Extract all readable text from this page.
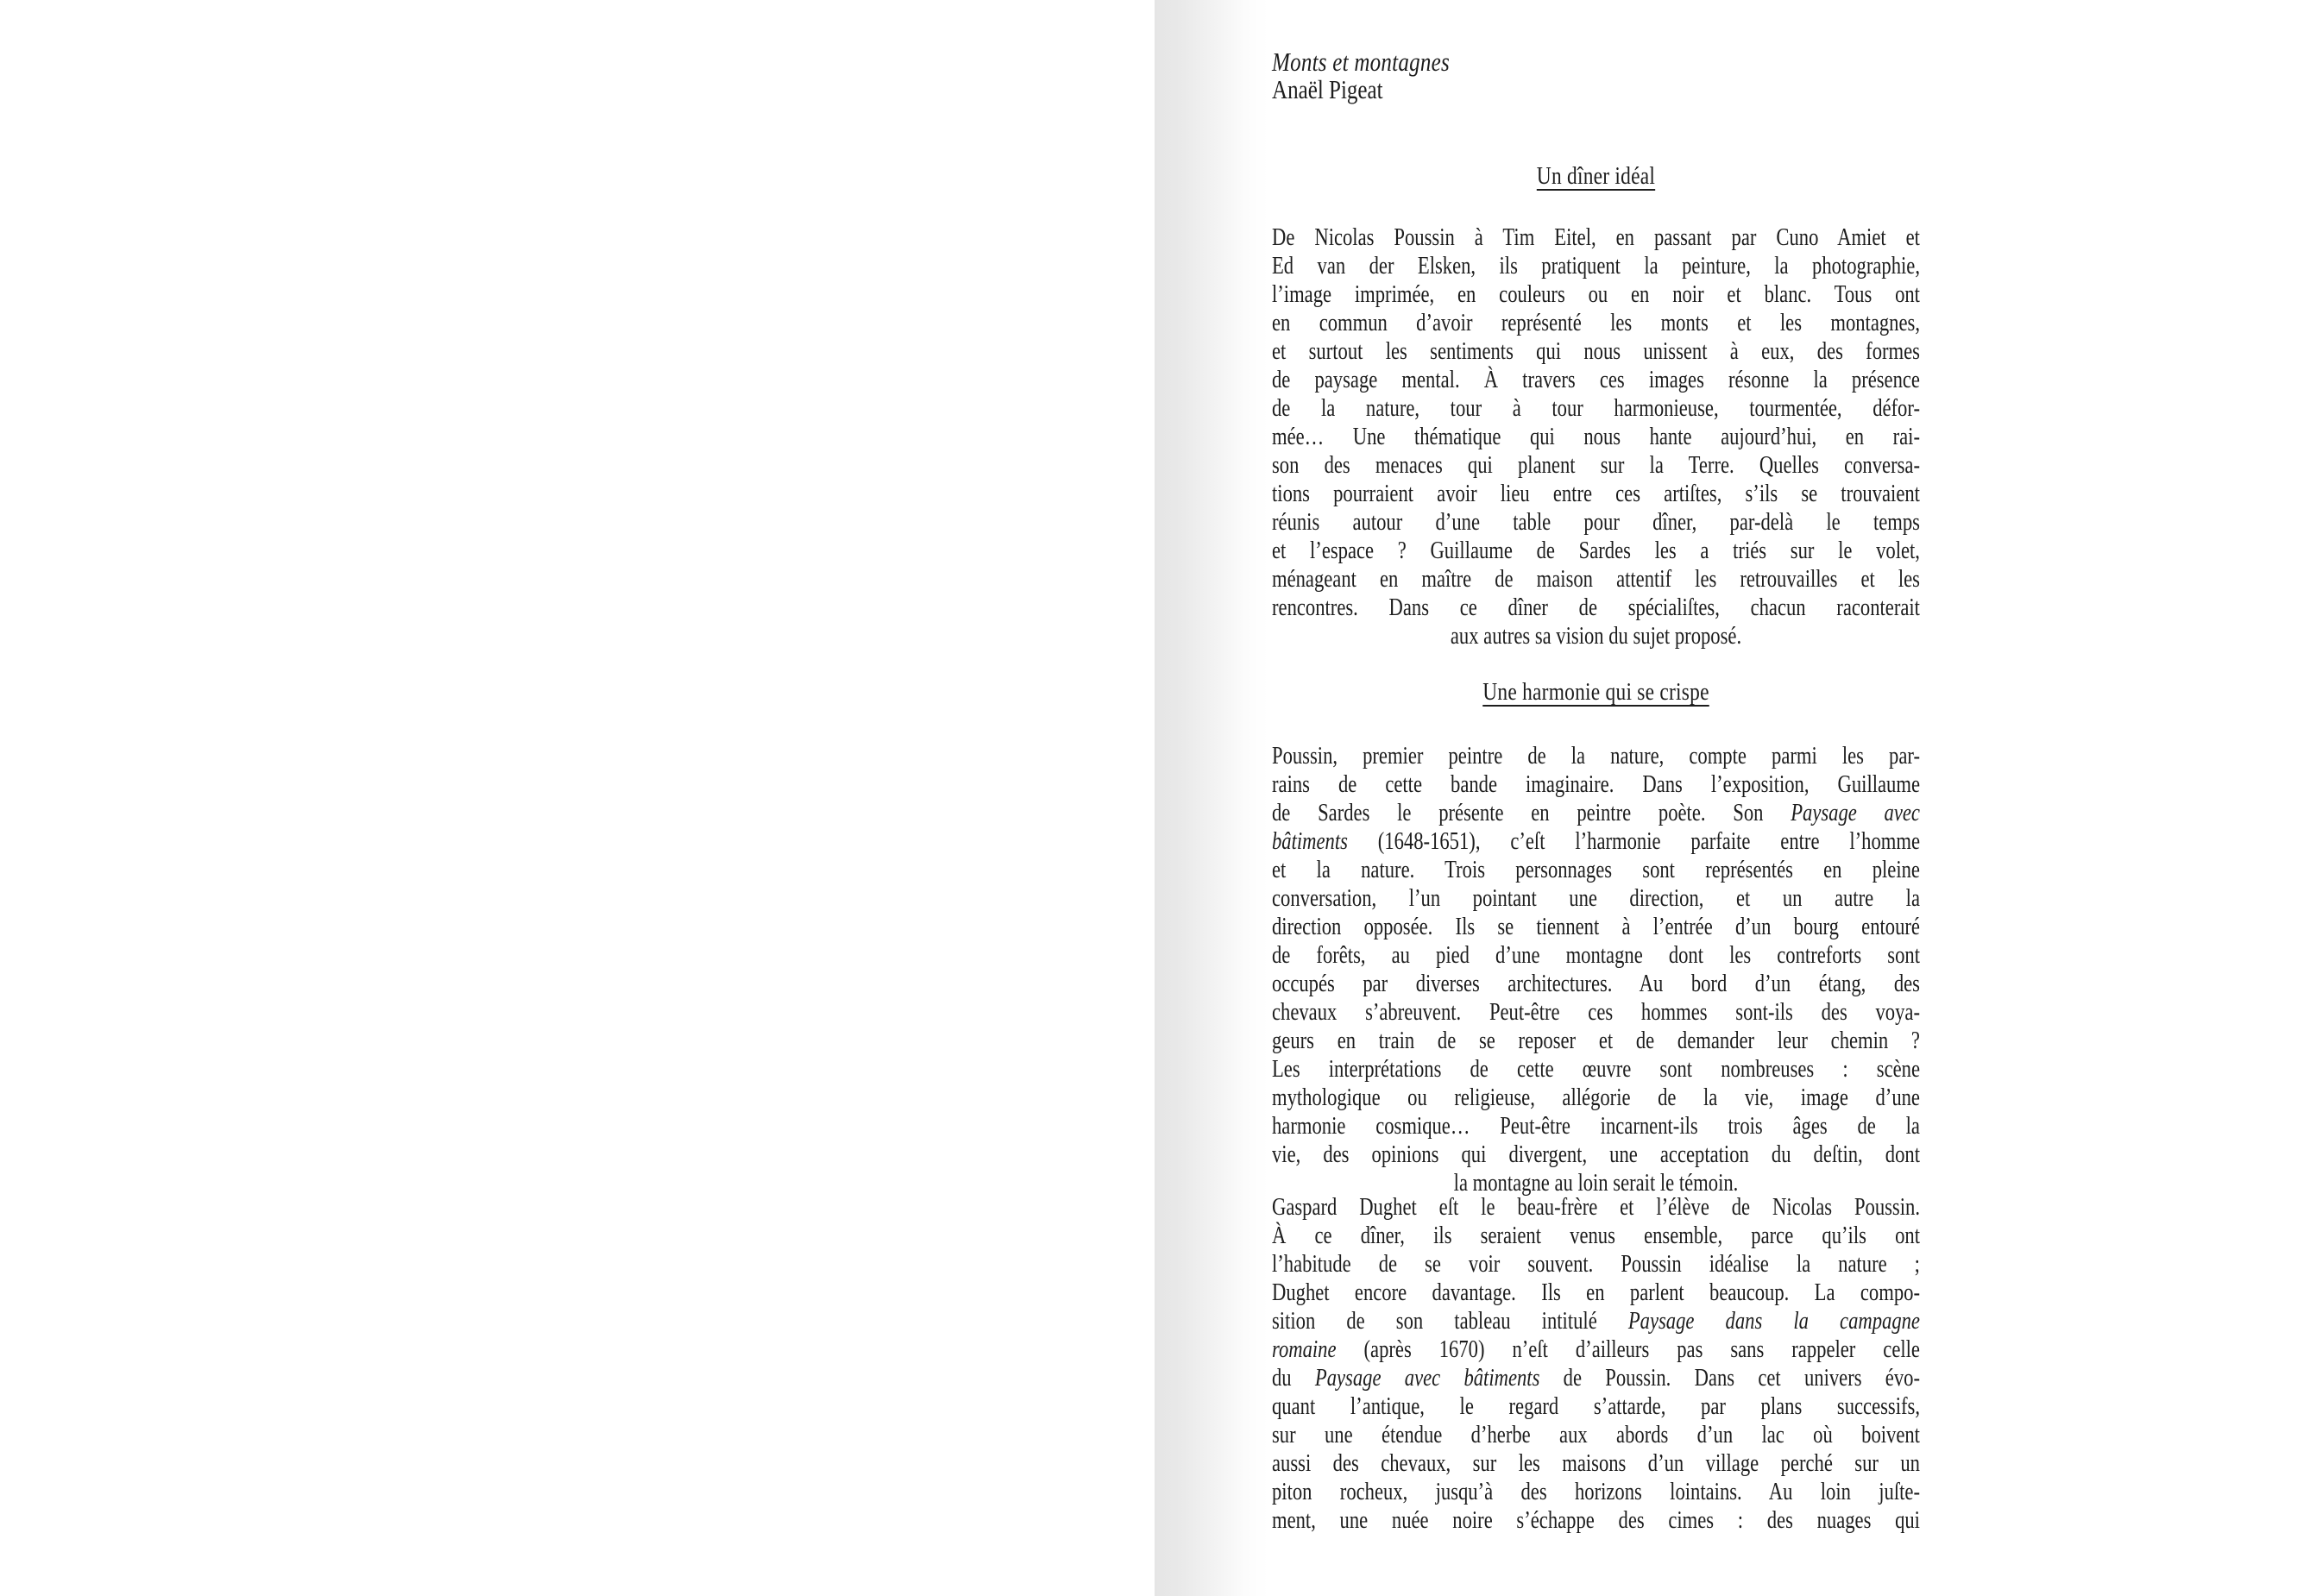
Monts et montagnes
Anaël Pigeat
Un dîner idéal
De Nicolas Poussin à Tim Eitel, en passant par Cuno Amiet et
Ed van der Elsken, ils pratiquent la peinture, la photographie,
l’image imprimée, en couleurs ou en noir et blanc. Tous ont
en commun d’avoir représenté les monts et les montagnes,
et surtout les sentiments qui nous unissent à eux, des formes
de paysage mental. À travers ces images résonne la présence
de la nature, tour à tour harmonieuse, tourmentée, défor-
mée… Une thématique qui nous hante aujourd’hui, en rai-
son des menaces qui planent sur la Terre. Quelles conversa-
tions pourraient avoir lieu entre ces artiſtes, s’ils se trouvaient
réunis autour d’une table pour dîner, par-delà le temps
et l’espace ? Guillaume de Sardes les a triés sur le volet,
ménageant en maître de maison attentif les retrouvailles et les
rencontres. Dans ce dîner de spécialiſtes, chacun raconterait
aux autres sa vision du sujet proposé.
Une harmonie qui se crispe
Poussin, premier peintre de la nature, compte parmi les par-
rains de cette bande imaginaire. Dans l’exposition, Guillaume
de Sardes le présente en peintre poète. Son Paysage avec
bâtiments (1648-1651), c’eſt l’harmonie parfaite entre l’homme
et la nature. Trois personnages sont représentés en pleine
conversation, l’un pointant une direction, et un autre la
direction opposée. Ils se tiennent à l’entrée d’un bourg entouré
de forêts, au pied d’une montagne dont les contreforts sont
occupés par diverses architectures. Au bord d’un étang, des
chevaux s’abreuvent. Peut-être ces hommes sont-ils des voya-
geurs en train de se reposer et de demander leur chemin ?
Les interprétations de cette œuvre sont nombreuses : scène
mythologique ou religieuse, allégorie de la vie, image d’une
harmonie cosmique… Peut-être incarnent-ils trois âges de la
vie, des opinions qui divergent, une acceptation du deſtin, dont
la montagne au loin serait le témoin.
Gaspard Dughet eſt le beau-frère et l’élève de Nicolas Poussin.
À ce dîner, ils seraient venus ensemble, parce qu’ils ont
l’habitude de se voir souvent. Poussin idéalise la nature ;
Dughet encore davantage. Ils en parlent beaucoup. La compo-
sition de son tableau intitulé Paysage dans la campagne
romaine (après 1670) n’eſt d’ailleurs pas sans rappeler celle
du Paysage avec bâtiments de Poussin. Dans cet univers évo-
quant l’antique, le regard s’attarde, par plans successifs,
sur une étendue d’herbe aux abords d’un lac où boivent
aussi des chevaux, sur les maisons d’un village perché sur un
piton rocheux, jusqu’à des horizons lointains. Au loin juſte-
ment, une nuée noire s’échappe des cimes : des nuages qui
